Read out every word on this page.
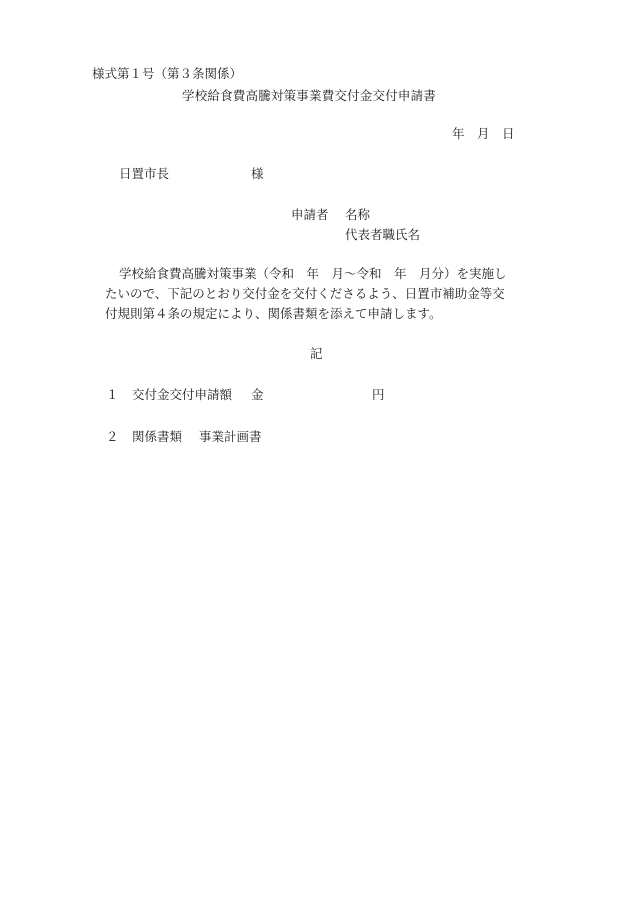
様式第１号（第３条関係）
学校給食費高騰対策事業費交付金交付申請書
年　月　日
日置市長	様
申請者 名称
代表者職氏名
学校給食費高騰対策事業（令和　年　月～令和　年　月分）を実施し
たいので、下記のとおり交付金を交付くださるよう、日置市補助金等交
付規則第４条の規定により、関係書類を添えて申請します。
記
１ 交付金交付申請額 金	円
２ 関係書類 事業計画書
